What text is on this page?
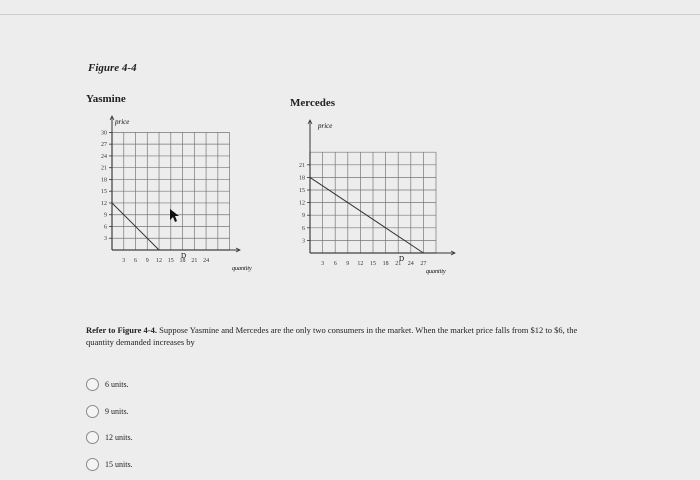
Figure 4-4
Yasmine	Mercedes
30
27
24
21
18
15
12
9
6
3
3 6 9 12 15 18 21 24
price
quantity
D
21
18
15
12
9
6
3
3 6 9 12 15 18 21 24 27
price
quantity
D
Refer to Figure 4-4. Suppose Yasmine and Mercedes are the only two consumers in the market. When the market price falls from $12 to $6, the quantity demanded increases by
6 units.
9 units.
12 units.
15 units.
